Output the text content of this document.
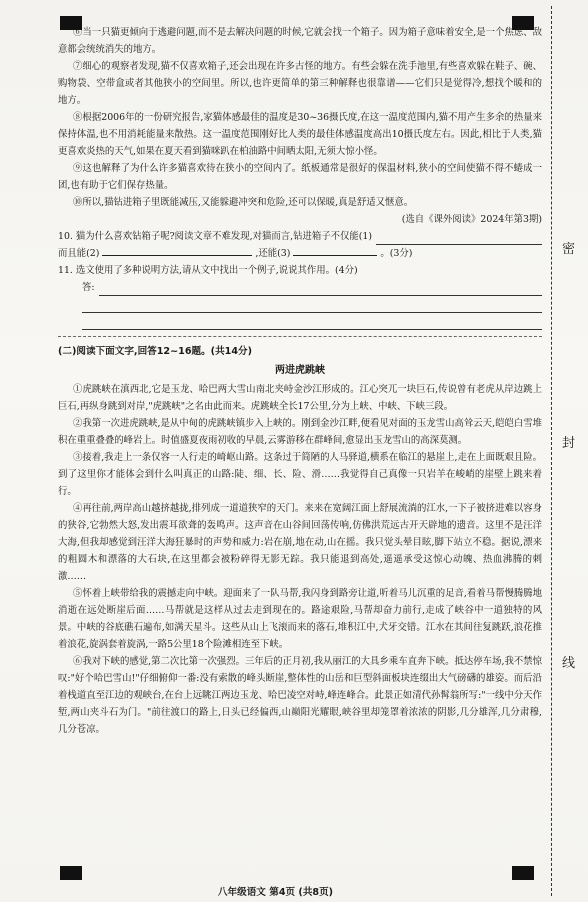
密
封
线

⑥当一只猫更倾向于逃避问题,而不是去解决问题的时候,它就会找一个箱子。因为箱子意味着安全,是一个焦虑、敌意都会统统消失的地方。

⑦细心的观察者发现,猫不仅喜欢箱子,还会出现在许多古怪的地方。有些会躲在洗手池里,有些喜欢躲在鞋子、碗、购物袋、空带盒或者其他狭小的空间里。所以,也许更简单的第三种解释也很靠谱——它们只是觉得冷,想找个暖和的地方。

⑧根据2006年的一份研究报告,家猫体感最佳的温度是30~36摄氏度,在这一温度范围内,猫不用产生多余的热量来保持体温,也不用消耗能量来散热。这一温度范围刚好比人类的最佳体感温度高出10摄氏度左右。因此,相比于人类,猫更喜欢炎热的天气,如果在夏天看到猫咪趴在柏油路中间晒太阳,无须大惊小怪。

⑨这也解释了为什么许多猫喜欢待在狭小的空间内了。纸板通常是很好的保温材料,狭小的空间使猫不得不蜷成一团,也有助于它们保存热量。

⑩所以,猫钻进箱子里既能减压,又能躲避冲突和危险,还可以保暖,真是舒适又惬意。

(选自《课外阅读》2024年第3期)
10. 猫为什么喜欢钻箱子呢?阅读文章不难发现,对猫而言,钻进箱子不仅能(1)
而且能(2)	,还能(3)	。(3分)
11. 选文使用了多种说明方法,请从文中找出一个例子,说说其作用。(4分)
答:
(二)阅读下面文字,回答12~16题。(共14分)
两进虎跳峡

①虎跳峡在滇西北,它是玉龙、哈巴两大雪山南北夹峙金沙江形成的。江心突兀一块巨石,传说曾有老虎从岸边跳上巨石,再纵身跳到对岸,"虎跳峡"之名由此而来。虎跳峡全长17公里,分为上峡、中峡、下峡三段。

②我第一次进虎跳峡,是从中甸的虎跳峡镇步入上峡的。刚到金沙江畔,便看见对面的玉龙雪山高耸云天,皑皑白雪堆积在重重叠叠的峰岩上。时值盛夏夜雨初收的早晨,云雾游移在群峰间,愈显出玉龙雪山的高深莫测。

③接着,我走上一条仅容一人行走的崎岖山路。这条过于简陋的人马驿道,横系在临江的悬崖上,走在上面既艰且险。到了这里你才能体会到什么叫真正的山路:陡、细、长、险、滑……我觉得自己真像一只岩羊在峻峭的崖壁上跳来着行。

④再往前,两岸高山越挤越拢,排列成一道道狭窄的天门。来来在宽阔江面上舒展流淌的江水,一下子被挤进难以容身的狭谷,它勃然大怒,发出震耳欲聋的轰鸣声。这声音在山谷间回荡传响,仿佛洪荒远古开天辟地的遗音。这里不是汪洋大海,但我却感觉到汪洋大海狂暴时的声势和威力:岩在崩,地在动,山在摇。我只觉头晕目眩,脚下站立不稳。据说,漂来的粗圆木和漂落的大石块,在这里都会被粉碎得无影无踪。我只能退到高处,遥遥承受这惊心动魄、热血沸腾的刺激……

⑤怀着上峡带给我的震撼走向中峡。迎面来了一队马帮,我闪身到路旁让道,听着马儿沉重的足音,看着马帮慢腾腾地消逝在远处断崖后面……马帮就是这样从过去走到现在的。路途艰险,马帮却奋力前行,走成了峡谷中一道独特的风景。中峡的谷底礁石遍布,如满天星斗。这些从山上飞滚而来的落石,堆积江中,犬牙交错。江水在其间往复跳跃,浪花推着浪花,旋涡套着旋涡,一路5公里18个险滩相连至下峡。

⑥我对下峡的感觉,第二次比第一次强烈。三年后的正月初,我从丽江的大具乡乘车直奔下峡。抵达停车场,我不禁惊叹:"好个哈巴雪山!"仔细俯仰一番:没有索散的峰头断崖,整体性的山岳和巨型斜面板块连缀出大气磅礴的雄姿。而后沿着栈道直至江边的观峡台,在台上远眺江两边玉龙、哈巴凌空对峙,峰连峰合。此景正如清代孙髯翁所写:"一线中分天作堑,两山夹斗石为门。"前往渡口的路上,日头已经偏西,山巅阳光耀眼,峡谷里却笼罩着浓浓的阴影,几分雄浑,几分肃穆,几分苍凉。

八年级语文 第4页 (共8页)
